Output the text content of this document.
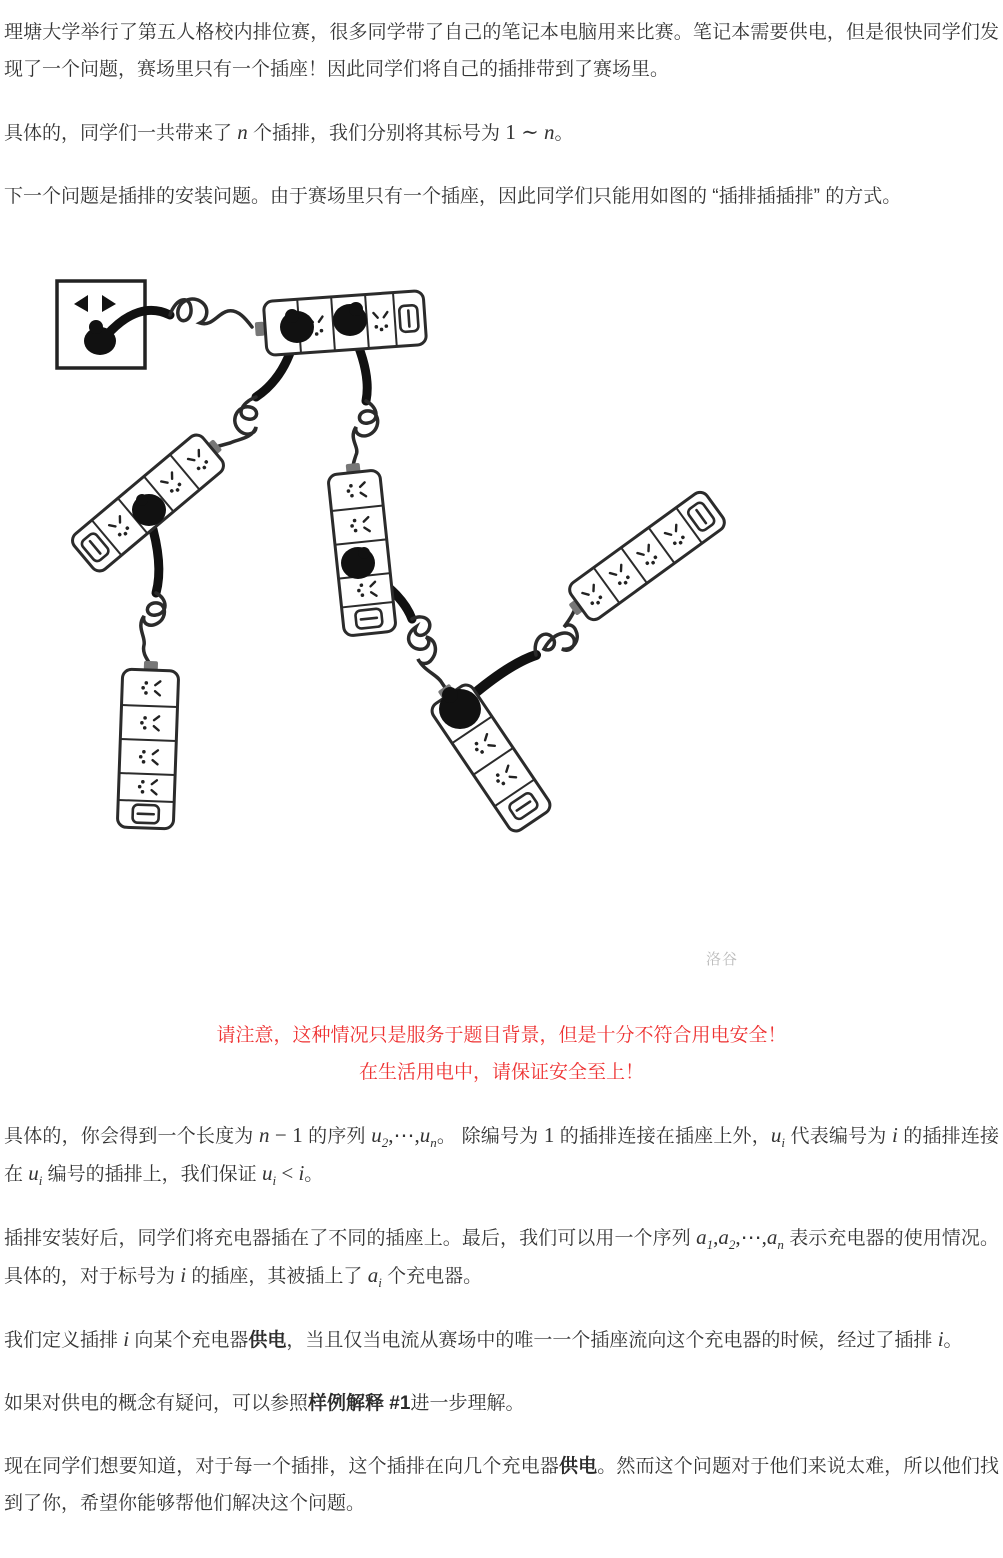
理塘大学举行了第五人格校内排位赛，很多同学带了自己的笔记本电脑用来比赛。笔记本需要供电，但是很快同学们发现了一个问题，赛场里只有一个插座！因此同学们将自己的插排带到了赛场里。

具体的，同学们一共带来了 n 个插排，我们分别将其标号为 1 ∼ n。

下一个问题是插排的安装问题。由于赛场里只有一个插座，因此同学们只能用如图的 “插排插插排” 的方式。

洛谷
请注意，这种情况只是服务于题目背景，但是十分不符合用电安全！
在生活用电中，请保证安全至上！

具体的，你会得到一个长度为 n − 1 的序列 $u_2,\cdots,u_n$。 除编号为 1 的插排连接在插座上外，$u_i$ 代表编号为 i 的插排连接在 $u_i$ 编号的插排上，我们保证 $u_i < i$。

插排安装好后，同学们将充电器插在了不同的插座上。最后，我们可以用一个序列 $a_1,a_2,\cdots,a_n$ 表示充电器的使用情况。具体的，对于标号为 i 的插座，其被插上了 $a_i$ 个充电器。

我们定义插排 i 向某个充电器供电，当且仅当电流从赛场中的唯一一个插座流向这个充电器的时候，经过了插排 i。

如果对供电的概念有疑问，可以参照样例解释 #1进一步理解。

现在同学们想要知道，对于每一个插排，这个插排在向几个充电器供电。然而这个问题对于他们来说太难，所以他们找到了你，希望你能够帮他们解决这个问题。
